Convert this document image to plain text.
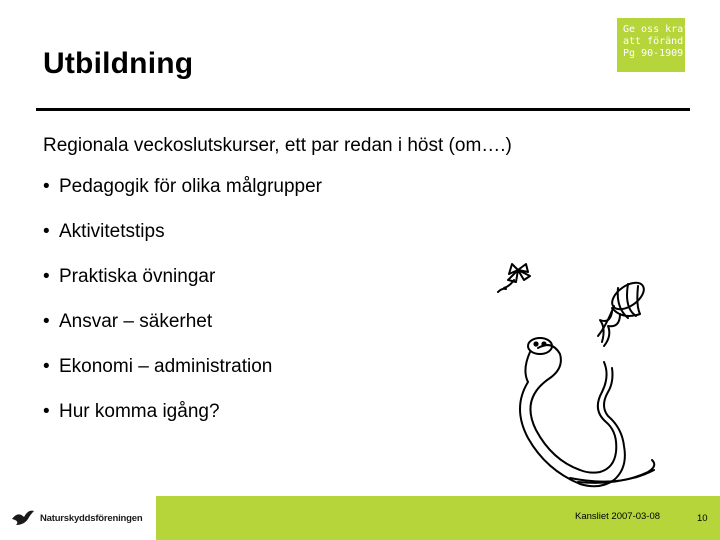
Utbildning
Ge oss kraft
att förändra
Pg 90-1909-8
Regionala veckoslutskurser, ett par redan i höst (om….)
• Pedagogik för olika målgrupper
• Aktivitetstips
• Praktiska övningar
• Ansvar – säkerhet
• Ekonomi – administration
• Hur komma igång?
Naturskyddsföreningen	Kansliet 2007-03-08	10
